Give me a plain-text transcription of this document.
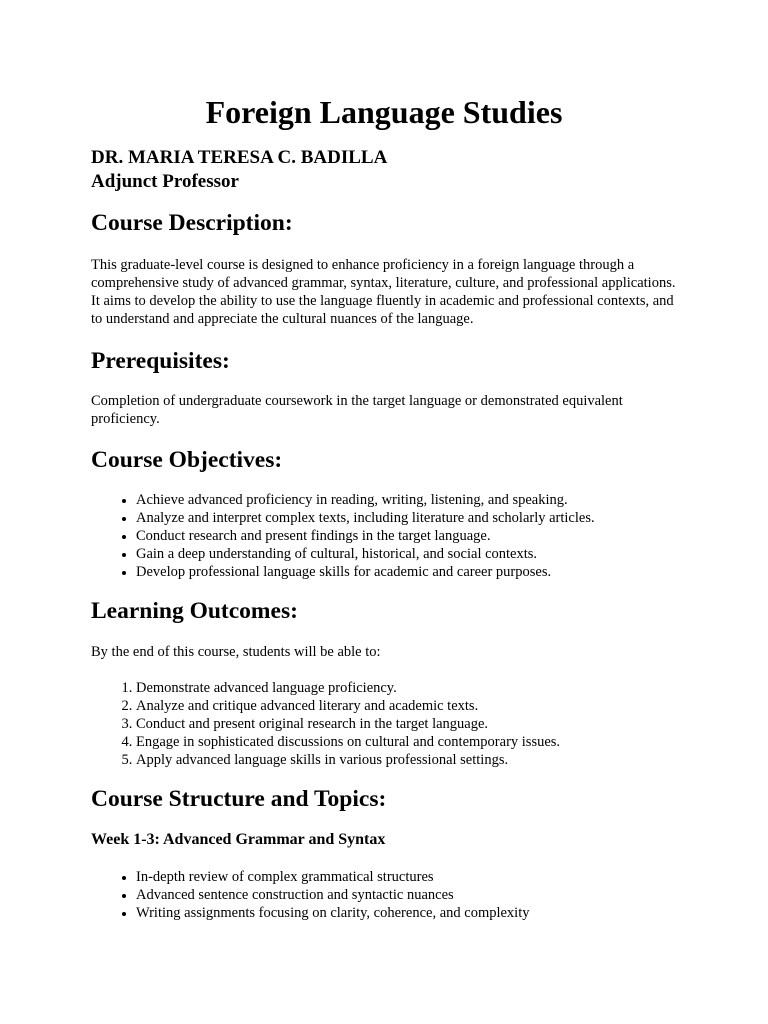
Foreign Language Studies
DR. MARIA TERESA C. BADILLA
Adjunct Professor
Course Description:

This graduate-level course is designed to enhance proficiency in a foreign language through a comprehensive study of advanced grammar, syntax, literature, culture, and professional applications. It aims to develop the ability to use the language fluently in academic and professional contexts, and to understand and appreciate the cultural nuances of the language.

Prerequisites:

Completion of undergraduate coursework in the target language or demonstrated equivalent proficiency.

Course Objectives:
• Achieve advanced proficiency in reading, writing, listening, and speaking.
• Analyze and interpret complex texts, including literature and scholarly articles.
• Conduct research and present findings in the target language.
• Gain a deep understanding of cultural, historical, and social contexts.
• Develop professional language skills for academic and career purposes.
Learning Outcomes:

By the end of this course, students will be able to:

1. Demonstrate advanced language proficiency.
2. Analyze and critique advanced literary and academic texts.
3. Conduct and present original research in the target language.
4. Engage in sophisticated discussions on cultural and contemporary issues.
5. Apply advanced language skills in various professional settings.
Course Structure and Topics:
Week 1-3: Advanced Grammar and Syntax
• In-depth review of complex grammatical structures
• Advanced sentence construction and syntactic nuances
• Writing assignments focusing on clarity, coherence, and complexity
